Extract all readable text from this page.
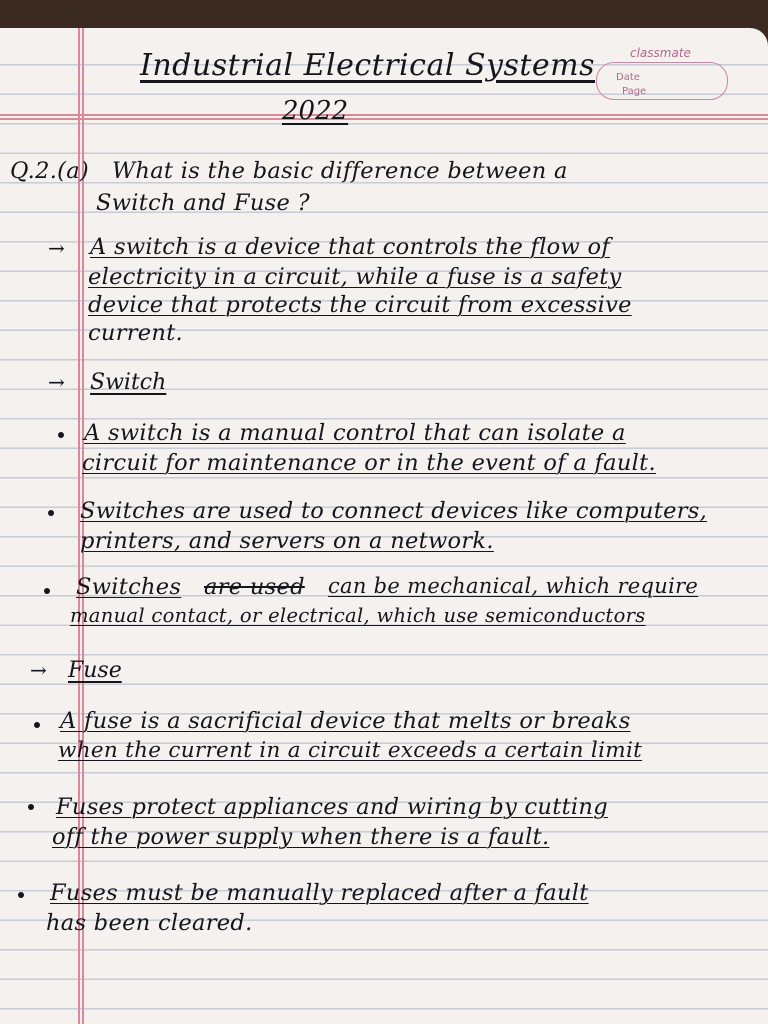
classmate
Date
Page
Industrial Electrical Systems
2022
Q.2.(a) What is the basic difference between a
Switch and Fuse ?
→ A switch is a device that controls the flow of
electricity in a circuit, while a fuse is a safety
device that protects the circuit from excessive
current.
→ Switch
A switch is a manual control that can isolate a
circuit for maintenance or in the event of a fault.
Switches are used to connect devices like computers,
printers, and servers on a network.
Switches are used can be mechanical, which require
manual contact, or electrical, which use semiconductors
→ Fuse
A fuse is a sacrificial device that melts or breaks
when the current in a circuit exceeds a certain limit
Fuses protect appliances and wiring by cutting
off the power supply when there is a fault.
Fuses must be manually replaced after a fault
has been cleared.
